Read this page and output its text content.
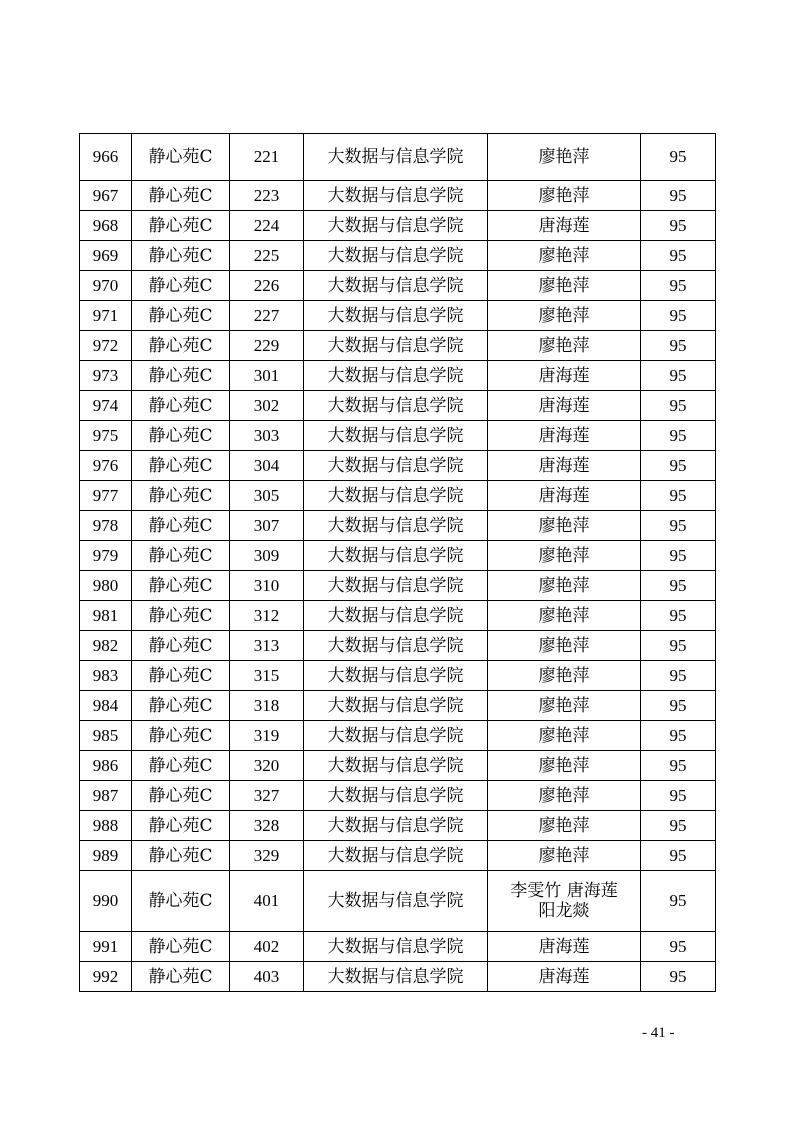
966	静心苑C	221	大数据与信息学院	廖艳萍	95
967	静心苑C	223	大数据与信息学院	廖艳萍	95
968	静心苑C	224	大数据与信息学院	唐海莲	95
969	静心苑C	225	大数据与信息学院	廖艳萍	95
970	静心苑C	226	大数据与信息学院	廖艳萍	95
971	静心苑C	227	大数据与信息学院	廖艳萍	95
972	静心苑C	229	大数据与信息学院	廖艳萍	95
973	静心苑C	301	大数据与信息学院	唐海莲	95
974	静心苑C	302	大数据与信息学院	唐海莲	95
975	静心苑C	303	大数据与信息学院	唐海莲	95
976	静心苑C	304	大数据与信息学院	唐海莲	95
977	静心苑C	305	大数据与信息学院	唐海莲	95
978	静心苑C	307	大数据与信息学院	廖艳萍	95
979	静心苑C	309	大数据与信息学院	廖艳萍	95
980	静心苑C	310	大数据与信息学院	廖艳萍	95
981	静心苑C	312	大数据与信息学院	廖艳萍	95
982	静心苑C	313	大数据与信息学院	廖艳萍	95
983	静心苑C	315	大数据与信息学院	廖艳萍	95
984	静心苑C	318	大数据与信息学院	廖艳萍	95
985	静心苑C	319	大数据与信息学院	廖艳萍	95
986	静心苑C	320	大数据与信息学院	廖艳萍	95
987	静心苑C	327	大数据与信息学院	廖艳萍	95
988	静心苑C	328	大数据与信息学院	廖艳萍	95
989	静心苑C	329	大数据与信息学院	廖艳萍	95
990	静心苑C	401	大数据与信息学院	李雯竹 唐海莲
阳龙燚	95
991	静心苑C	402	大数据与信息学院	唐海莲	95
992	静心苑C	403	大数据与信息学院	唐海莲	95
- 41 -
